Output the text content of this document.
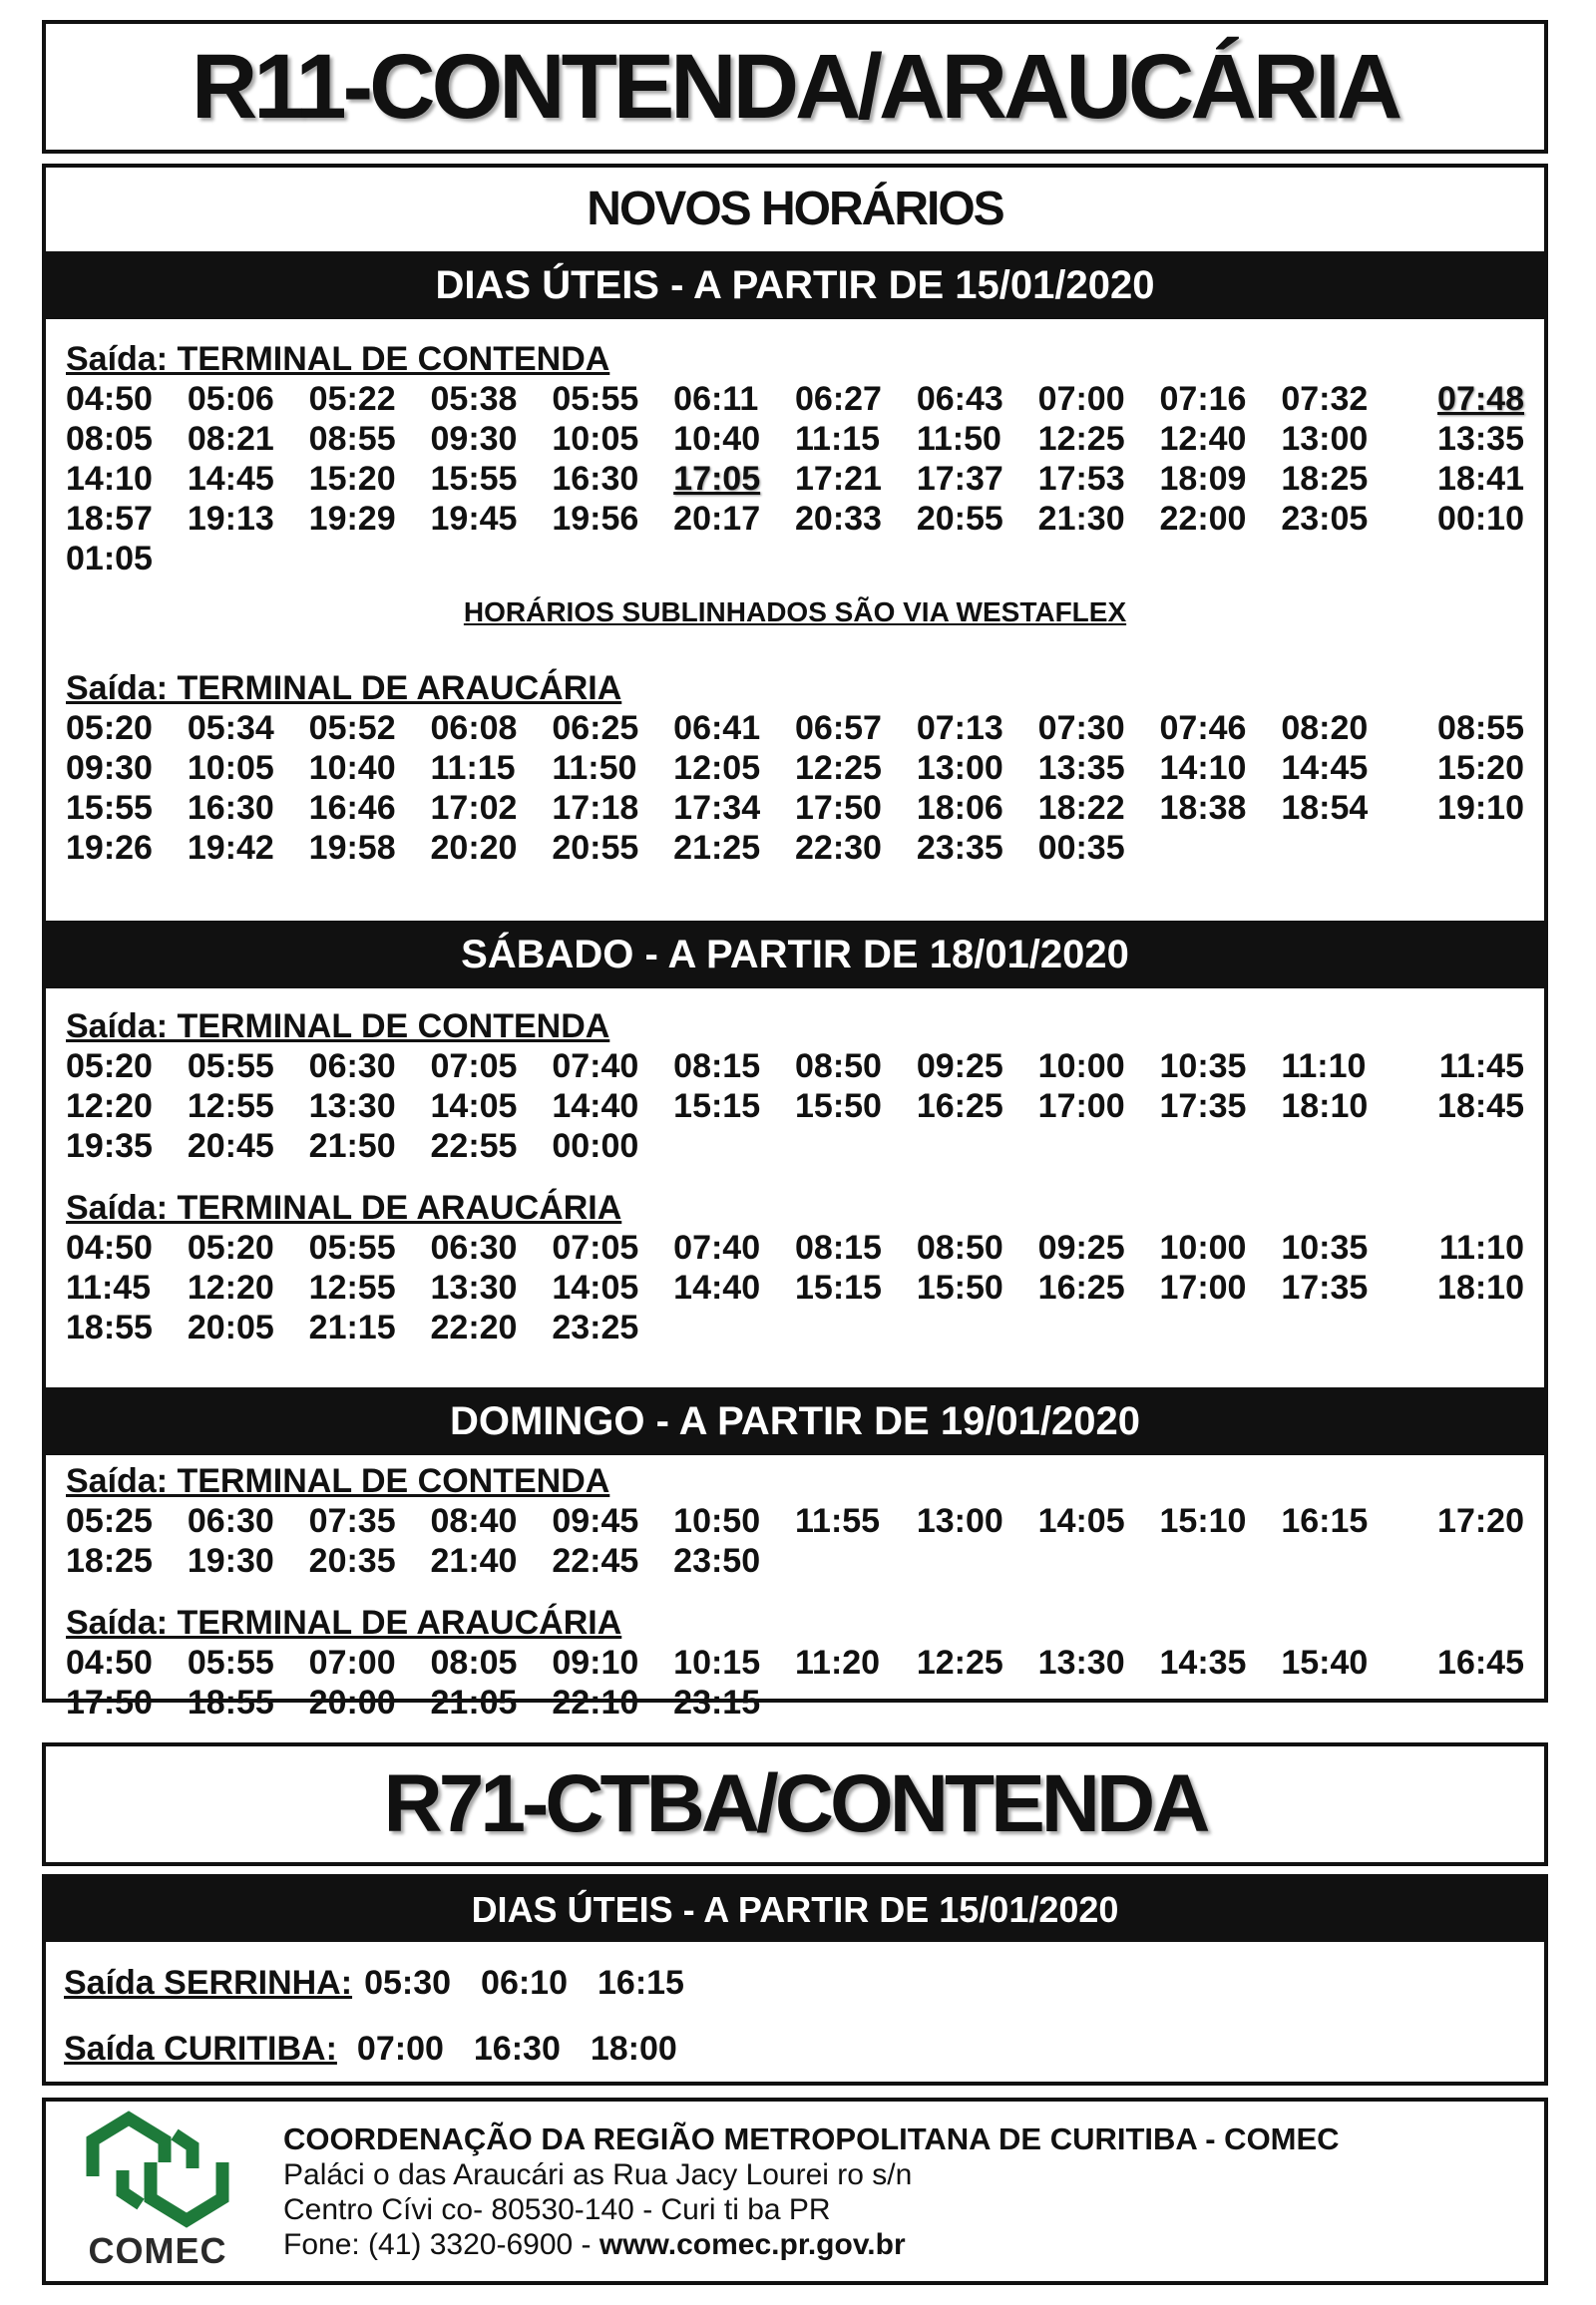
R11-CONTENDA/ARAUCÁRIA
NOVOS HORÁRIOS
DIAS ÚTEIS - A PARTIR DE 15/01/2020
Saída: TERMINAL DE CONTENDA
04:50	05:06	05:22	05:38	05:55	06:11	06:27	06:43	07:00	07:16	07:32	07:48
08:05	08:21	08:55	09:30	10:05	10:40	11:15	11:50	12:25	12:40	13:00	13:35
14:10	14:45	15:20	15:55	16:30	17:05	17:21	17:37	17:53	18:09	18:25	18:41
18:57	19:13	19:29	19:45	19:56	20:17	20:33	20:55	21:30	22:00	23:05	00:10
01:05
HORÁRIOS SUBLINHADOS SÃO VIA WESTAFLEX
Saída: TERMINAL DE ARAUCÁRIA
05:20	05:34	05:52	06:08	06:25	06:41	06:57	07:13	07:30	07:46	08:20	08:55
09:30	10:05	10:40	11:15	11:50	12:05	12:25	13:00	13:35	14:10	14:45	15:20
15:55	16:30	16:46	17:02	17:18	17:34	17:50	18:06	18:22	18:38	18:54	19:10
19:26	19:42	19:58	20:20	20:55	21:25	22:30	23:35	00:35
SÁBADO - A PARTIR DE 18/01/2020
Saída: TERMINAL DE CONTENDA
05:20	05:55	06:30	07:05	07:40	08:15	08:50	09:25	10:00	10:35	11:10	11:45
12:20	12:55	13:30	14:05	14:40	15:15	15:50	16:25	17:00	17:35	18:10	18:45
19:35	20:45	21:50	22:55	00:00
Saída: TERMINAL DE ARAUCÁRIA
04:50	05:20	05:55	06:30	07:05	07:40	08:15	08:50	09:25	10:00	10:35	11:10
11:45	12:20	12:55	13:30	14:05	14:40	15:15	15:50	16:25	17:00	17:35	18:10
18:55	20:05	21:15	22:20	23:25
DOMINGO - A PARTIR DE 19/01/2020
Saída: TERMINAL DE CONTENDA
05:25	06:30	07:35	08:40	09:45	10:50	11:55	13:00	14:05	15:10	16:15	17:20
18:25	19:30	20:35	21:40	22:45	23:50
Saída: TERMINAL DE ARAUCÁRIA
04:50	05:55	07:00	08:05	09:10	10:15	11:20	12:25	13:30	14:35	15:40	16:45
17:50	18:55	20:00	21:05	22:10	23:15
R71-CTBA/CONTENDA
DIAS ÚTEIS - A PARTIR DE 15/01/2020
Saída SERRINHA: 05:30 06:10 16:15
Saída CURITIBA: 07:00 16:30 18:00
COMEC
COORDENAÇÃO DA REGIÃO METROPOLITANA DE CURITIBA - COMEC
Paláci o das Araucári as Rua Jacy Lourei ro s/n
Centro Cívi co- 80530-140 - Curi ti ba PR
Fone: (41) 3320-6900 - www.comec.pr.gov.br
